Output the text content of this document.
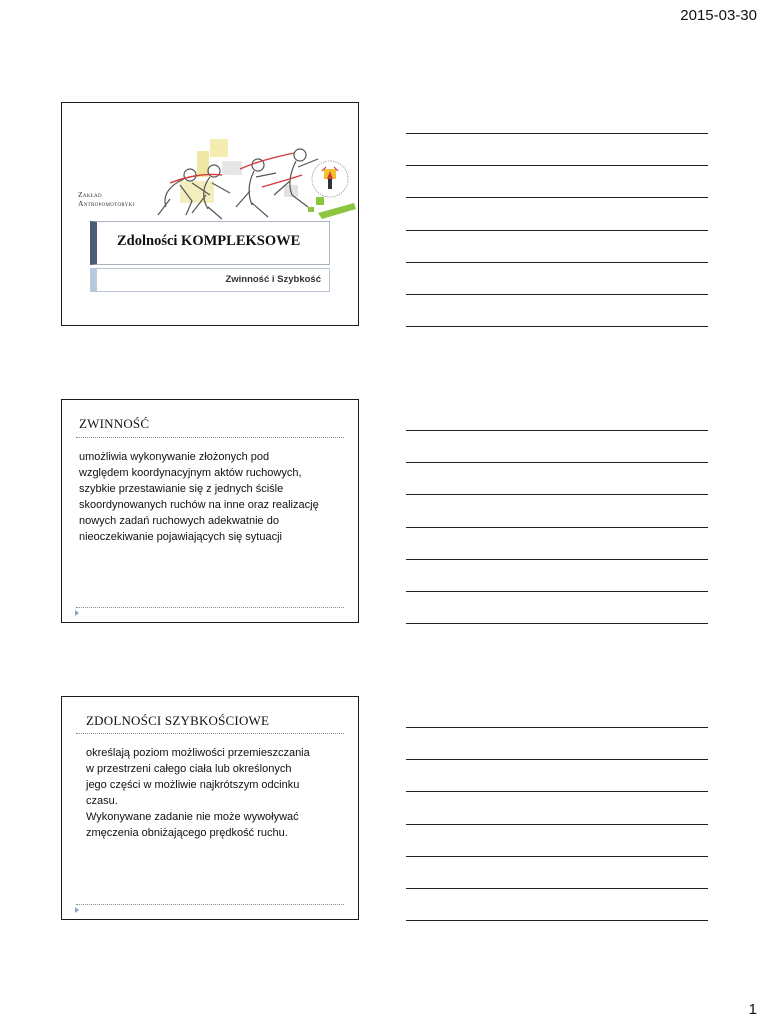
2015-03-30
Zakład
Antropomotoryki
Zdolności KOMPLEKSOWE
Zwinność i Szybkość
ZWINNOŚĆ
umożliwia wykonywanie złożonych pod
względem koordynacyjnym aktów ruchowych,
szybkie przestawianie się z jednych ściśle
skoordynowanych ruchów na inne oraz realizację
nowych zadań ruchowych adekwatnie do
nieoczekiwanie pojawiających się sytuacji
ZDOLNOŚCI SZYBKOŚCIOWE
określają poziom możliwości przemieszczania
w przestrzeni całego ciała lub określonych
jego części w możliwie najkrótszym odcinku
czasu.
Wykonywane zadanie nie może wywoływać
zmęczenia obniżającego prędkość ruchu.
1
